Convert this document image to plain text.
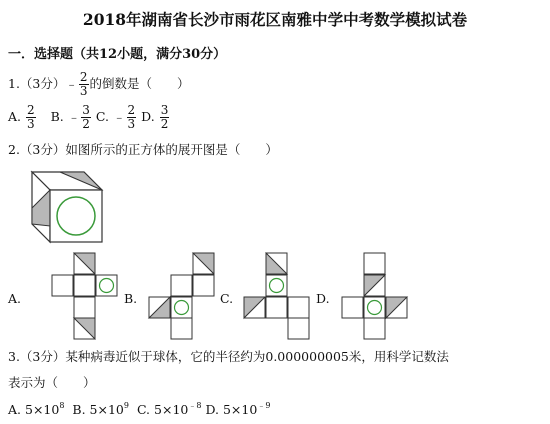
2018年湖南省长沙市雨花区南雅中学中考数学模拟试卷
一．选择题（共12小题，满分30分）
1.（3分）﹣ $\frac{2}{3}$ 的倒数是（　　）
A. $\frac{2}{3} B$. ﹣ $\frac{3}{2} C$. ﹣ $\frac{2}{3} D$. $\frac{3}{2}$
2.（3分）如图所示的正方体的展开图是（　　）
A.	B.	C.	D.
3.（3分）某种病毒近似于球体，它的半径约为0.000000005米，用科学记数法
表示为（　　）
A. $5\times 10^8$ B. $5\times 10^9$ C. $5\times 10^{﹣8}$ D. $5\times 10^{﹣9}$
